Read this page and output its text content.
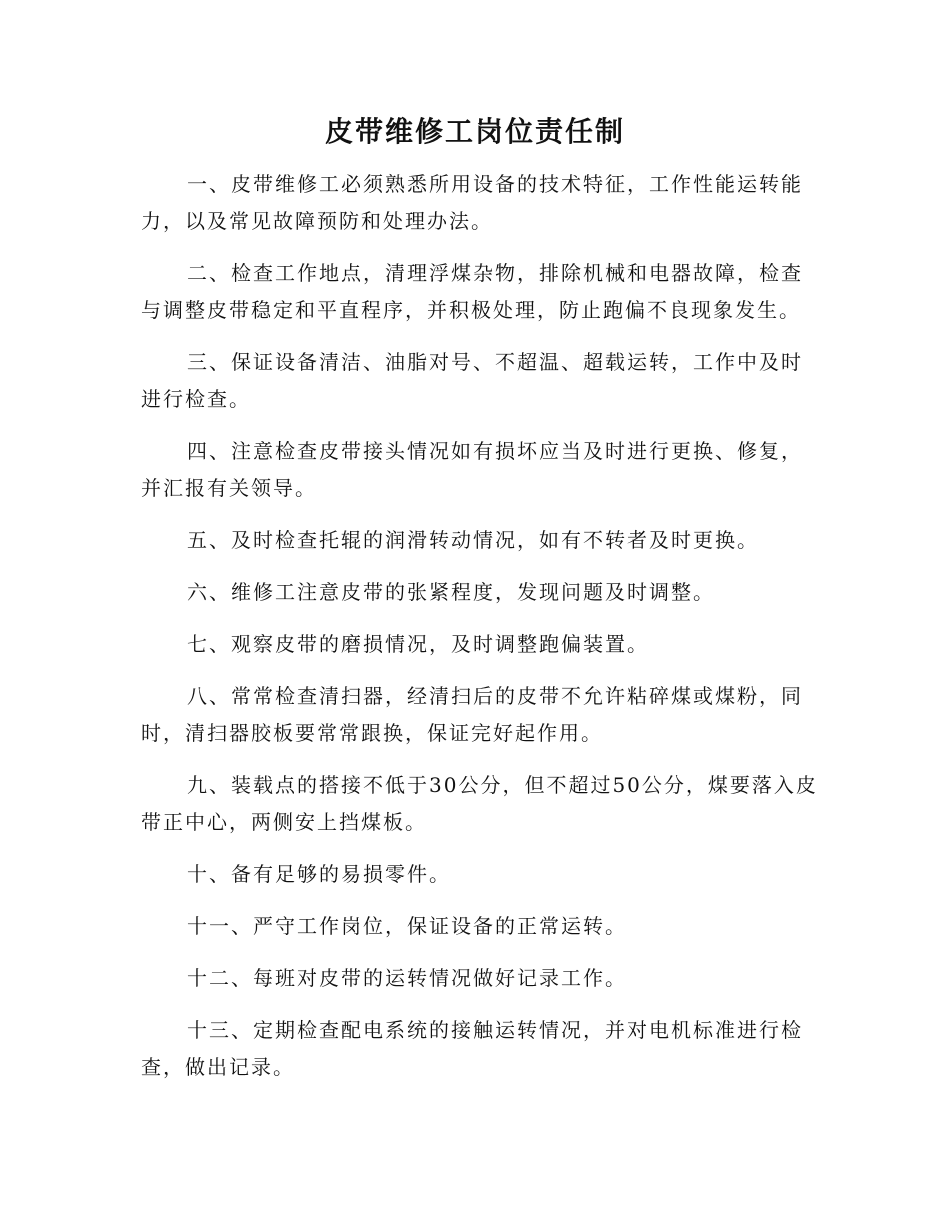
皮带维修工岗位责任制

一、皮带维修工必须熟悉所用设备的技术特征，工作性能运转能力，以及常见故障预防和处理办法。

二、检查工作地点，清理浮煤杂物，排除机械和电器故障，检查与调整皮带稳定和平直程序，并积极处理，防止跑偏不良现象发生。

三、保证设备清洁、油脂对号、不超温、超载运转，工作中及时进行检查。

四、注意检查皮带接头情况如有损坏应当及时进行更换、修复，并汇报有关领导。

五、及时检查托辊的润滑转动情况，如有不转者及时更换。

六、维修工注意皮带的张紧程度，发现问题及时调整。

七、观察皮带的磨损情况，及时调整跑偏装置。

八、常常检查清扫器，经清扫后的皮带不允许粘碎煤或煤粉，同时，清扫器胶板要常常跟换，保证完好起作用。

九、装载点的搭接不低于30公分，但不超过50公分，煤要落入皮带正中心，两侧安上挡煤板。

十、备有足够的易损零件。

十一、严守工作岗位，保证设备的正常运转。

十二、每班对皮带的运转情况做好记录工作。

十三、定期检查配电系统的接触运转情况，并对电机标准进行检查，做出记录。
